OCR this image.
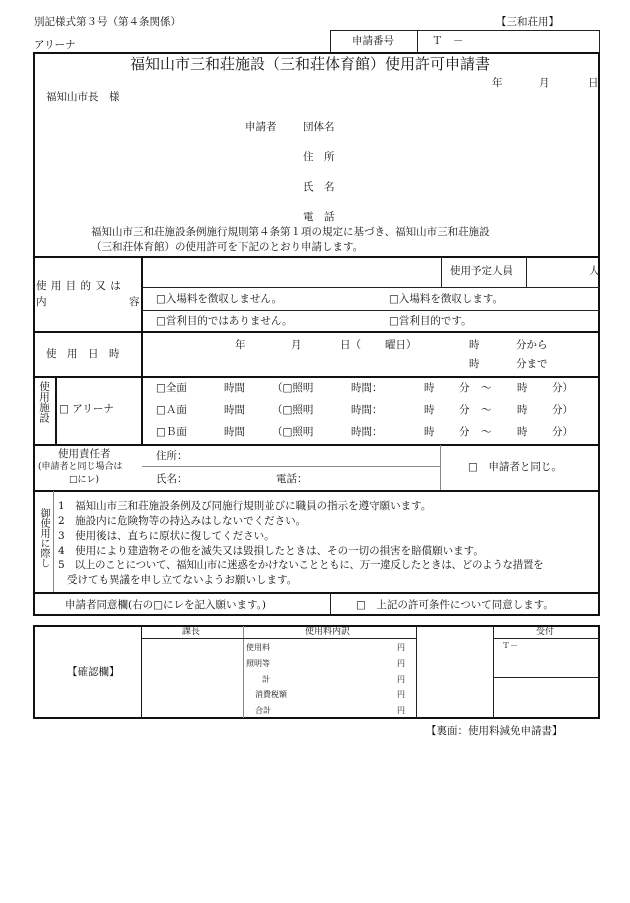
別記様式第３号（第４条関係）
アリーナ
【三和荘用】
申請番号	Ｔ　－
福知山市三和荘施設（三和荘体育館）使用許可申請書
年	月	日
福知山市長　様
申請者	団体名
住　所
氏　名
電　話
福知山市三和荘施設条例施行規則第４条第１項の規定に基づき、福知山市三和荘施設
（三和荘体育館）の使用許可を下記のとおり申請します。
使 用 目 的 又 は
内	容
使用予定人員	人
□入場料を徴収しません。	□入場料を徴収します。
□営利目的ではありません。	□営利目的です。
使　用　日　時
年	月	日（ 曜日）	時	分から
時	分まで
使用施設 □ アリーナ
□全面	時間	（□照明	時間：	時 分 ～ 時 分）
□Ａ面	時間	（□照明	時間：	時 分 ～ 時 分）
□Ｂ面	時間	（□照明	時間：	時 分 ～ 時 分）
使用責任者
(申請者と同じ場合は
□にレ)
住所：
氏名：	電話：
□　申請者と同じ。
御使用に際し
1　福知山市三和荘施設条例及び同施行規則並びに職員の指示を遵守願います。
2　施設内に危険物等の持込みはしないでください。
3　使用後は、直ちに原状に復してください。
4　使用により建造物その他を滅失又は毀損したときは、その一切の損害を賠償願います。
5　以上のことについて、福知山市に迷惑をかけないことともに、万一違反したときは、どのような措置を
受けても異議を申し立てないようお願いします。
申請者同意欄(右の□にレを記入願います。)	□　上記の許可条件について同意します。
【確認欄】
課長	使用料内訳	受付
Ｔ－
使用料	円
照明等	円
計	円
消費税額	円
合計	円
【裏面：使用料減免申請書】
